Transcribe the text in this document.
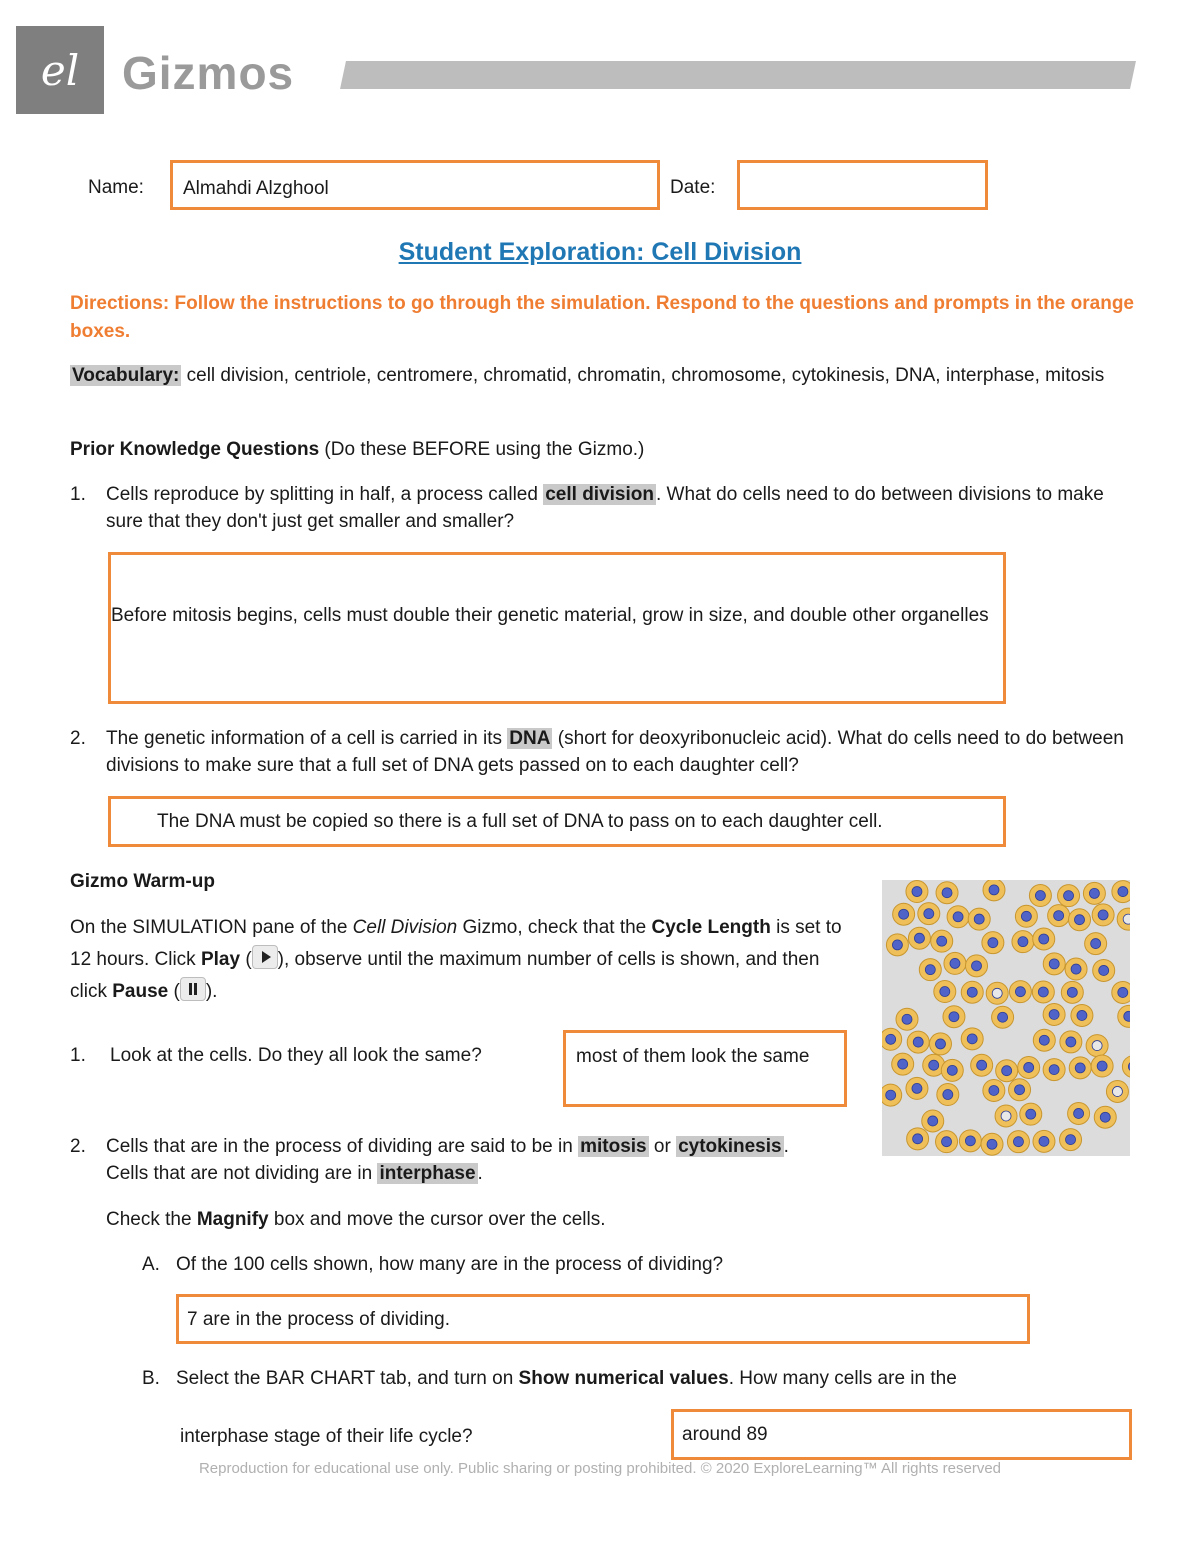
el Gizmos
Name:	Almahdi Alzghool	Date:
Student Exploration: Cell Division
Directions: Follow the instructions to go through the simulation. Respond to the questions and prompts in the orange boxes.
Vocabulary: cell division, centriole, centromere, chromatid, chromatin, chromosome, cytokinesis, DNA, interphase, mitosis
Prior Knowledge Questions (Do these BEFORE using the Gizmo.)
1. Cells reproduce by splitting in half, a process called cell division . What do cells need to do between divisions to make sure that they don't just get smaller and smaller?
Before mitosis begins, cells must double their genetic material, grow in size, and double other organelles
2. The genetic information of a cell is carried in its DNA (short for deoxyribonucleic acid). What do cells need to do between divisions to make sure that a full set of DNA gets passed on to each daughter cell?
The DNA must be copied so there is a full set of DNA to pass on to each daughter cell.
Gizmo Warm-up
On the SIMULATION pane of the Cell Division Gizmo, check that the Cycle Length is set to 12 hours. Click Play ( ), observe until the maximum number of cells is shown, and then click Pause ( ).
1. Look at the cells. Do they all look the same?	most of them look the same
2. Cells that are in the process of dividing are said to be in mitosis or cytokinesis . Cells that are not dividing are in interphase .
Check the Magnify box and move the cursor over the cells.
A. Of the 100 cells shown, how many are in the process of dividing?
7 are in the process of dividing.
B. Select the BAR CHART tab, and turn on Show numerical values. How many cells are in the
interphase stage of their life cycle?	around 89
Reproduction for educational use only. Public sharing or posting prohibited. © 2020 ExploreLearning™ All rights reserved
